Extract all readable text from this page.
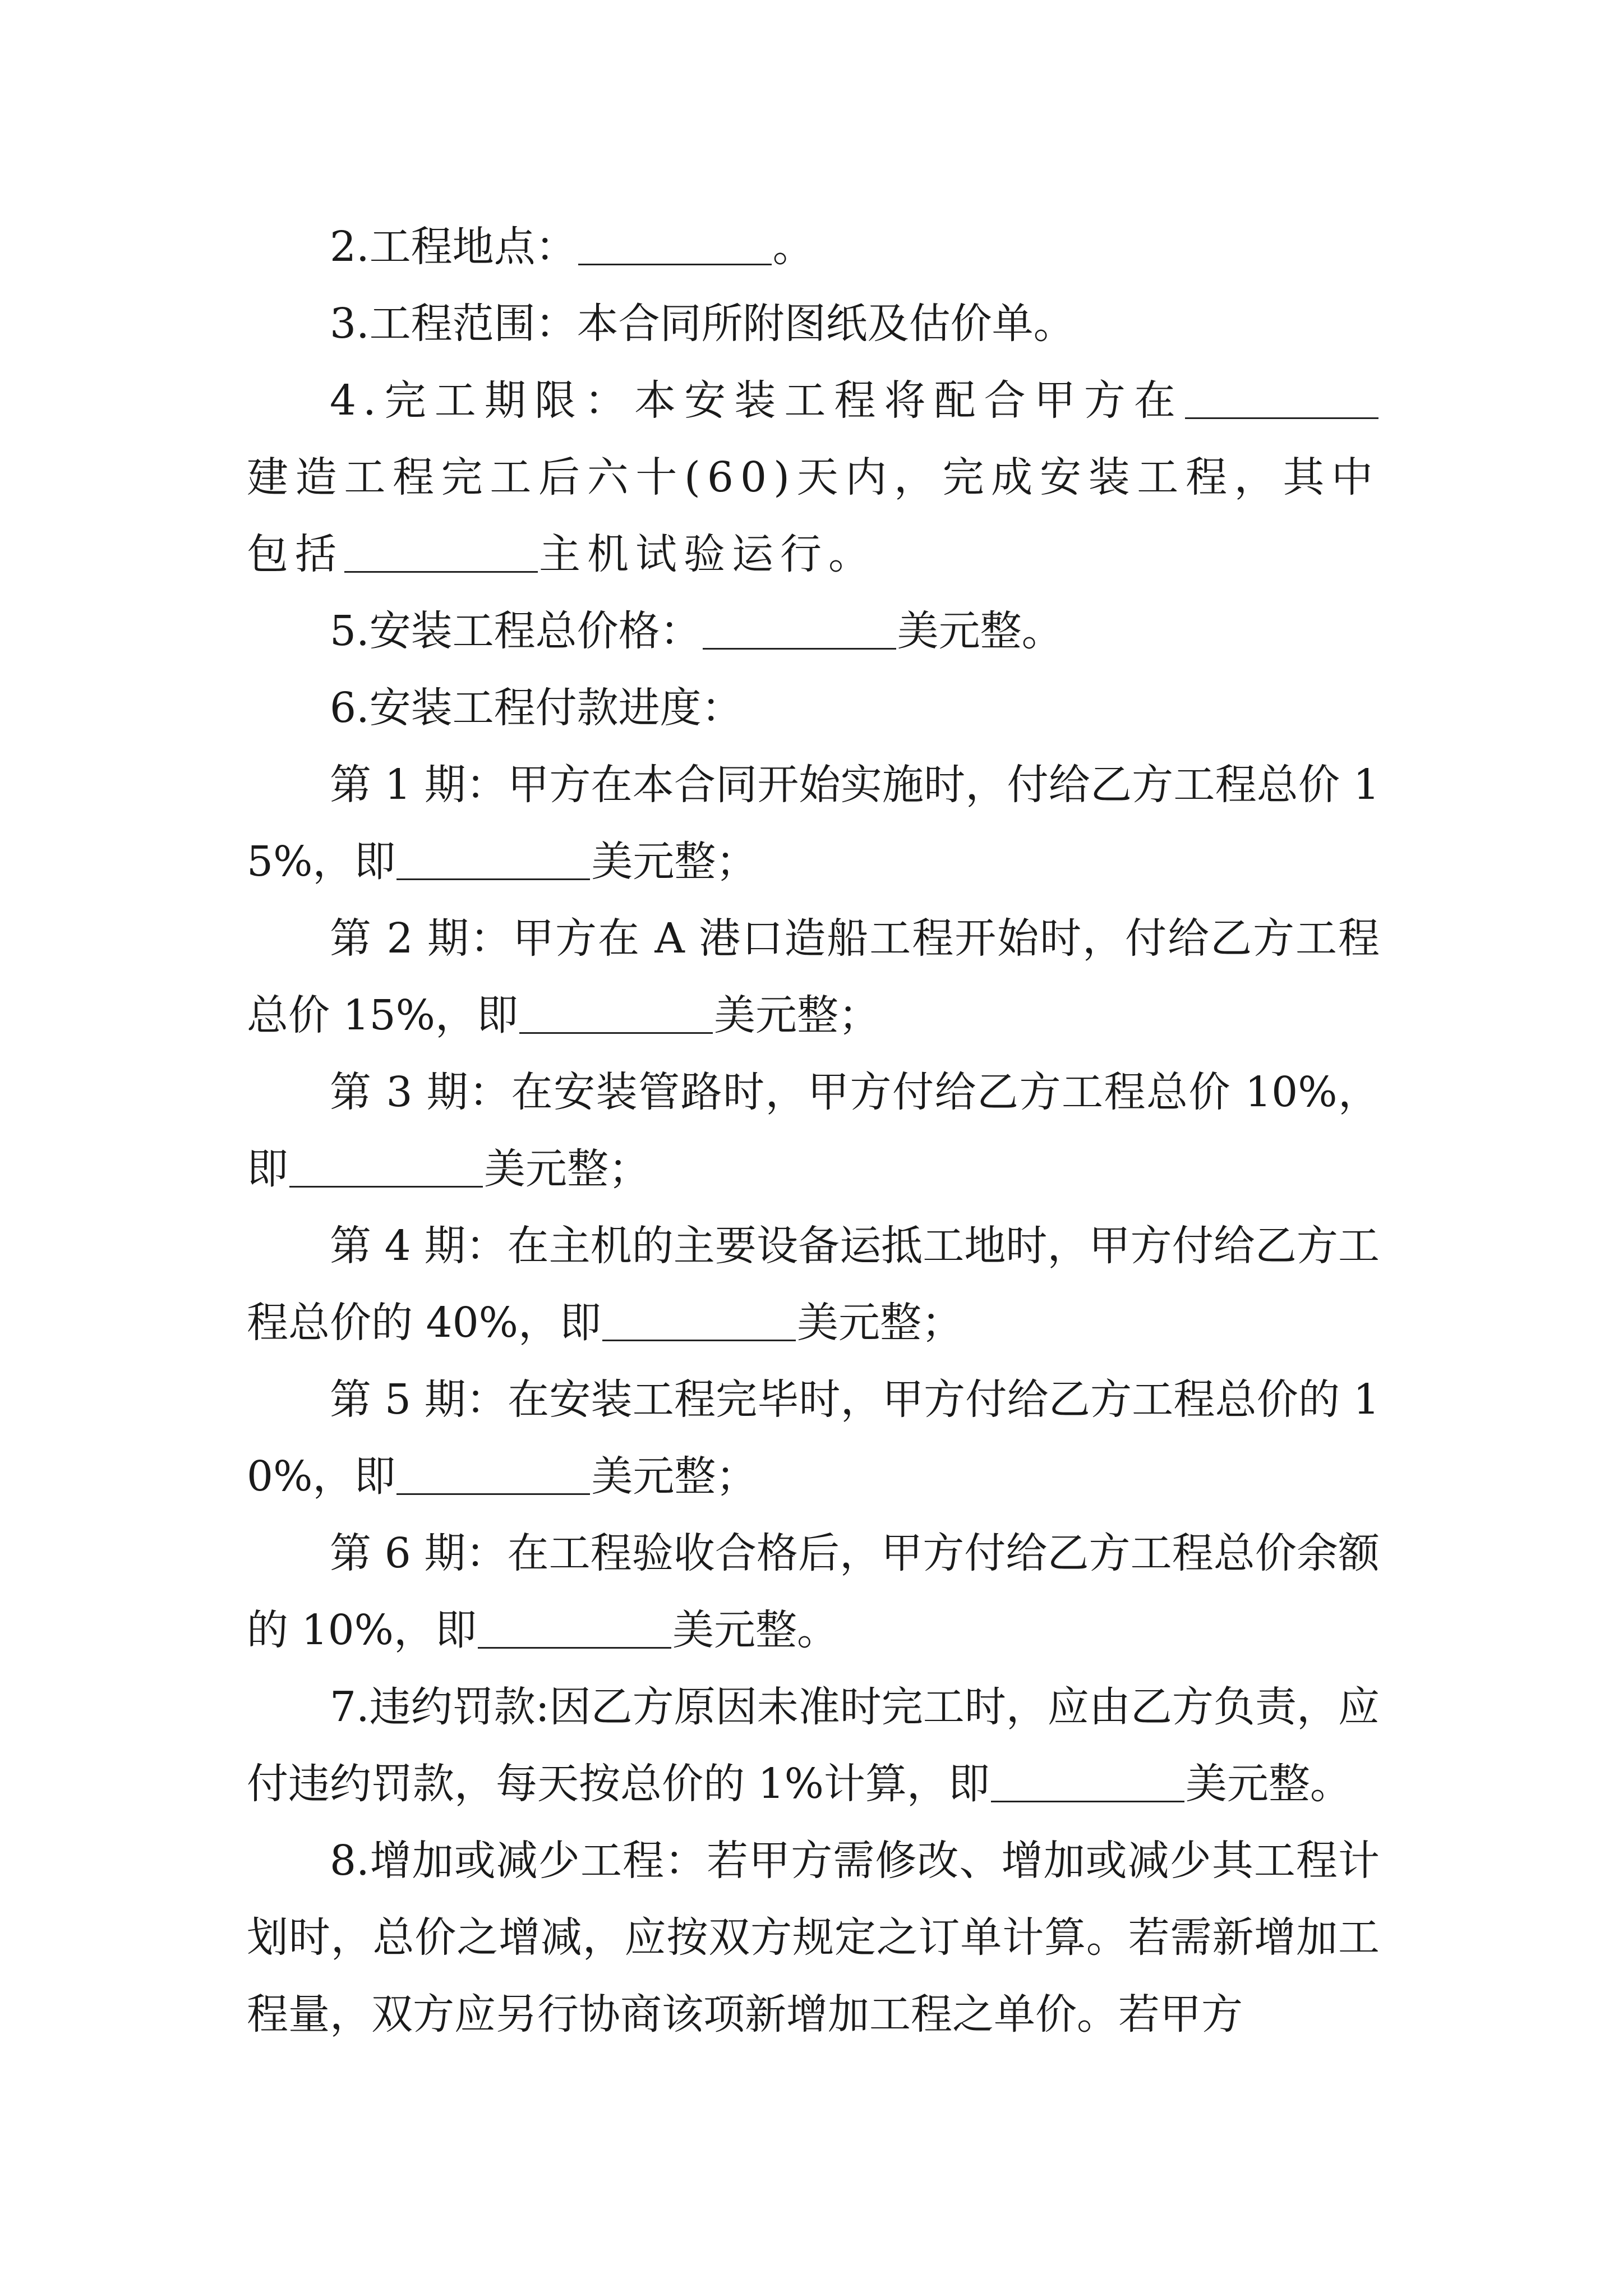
2.工程地点：	。

3.工程范围：本合同所附图纸及估价单。

4.完工期限：本安装工程将配合甲方在建造工程完工后六十(60)天内，完成安装工程，其中包括	主机试验运行。

5.安装工程总价格：	美元整。

6.安装工程付款进度：

第 1 期：甲方在本合同开始实施时，付给乙方工程总价 15%，即	美元整；

第 2 期：甲方在 A 港口造船工程开始时，付给乙方工程总价 15%，即	美元整；

第 3 期：在安装管路时，甲方付给乙方工程总价 10%，即	美元整；

第 4 期：在主机的主要设备运抵工地时，甲方付给乙方工程总价的 40%，即	美元整；

第 5 期：在安装工程完毕时，甲方付给乙方工程总价的 10%，即	美元整；

第 6 期：在工程验收合格后，甲方付给乙方工程总价余额的 10%，即	美元整。

7.违约罚款:因乙方原因未准时完工时，应由乙方负责，应付违约罚款，每天按总价的 1%计算，即	美元整。

8.增加或减少工程：若甲方需修改、增加或减少其工程计划时，总价之增减，应按双方规定之订单计算。若需新增加工程量，双方应另行协商该项新增加工程之单价。若甲方
